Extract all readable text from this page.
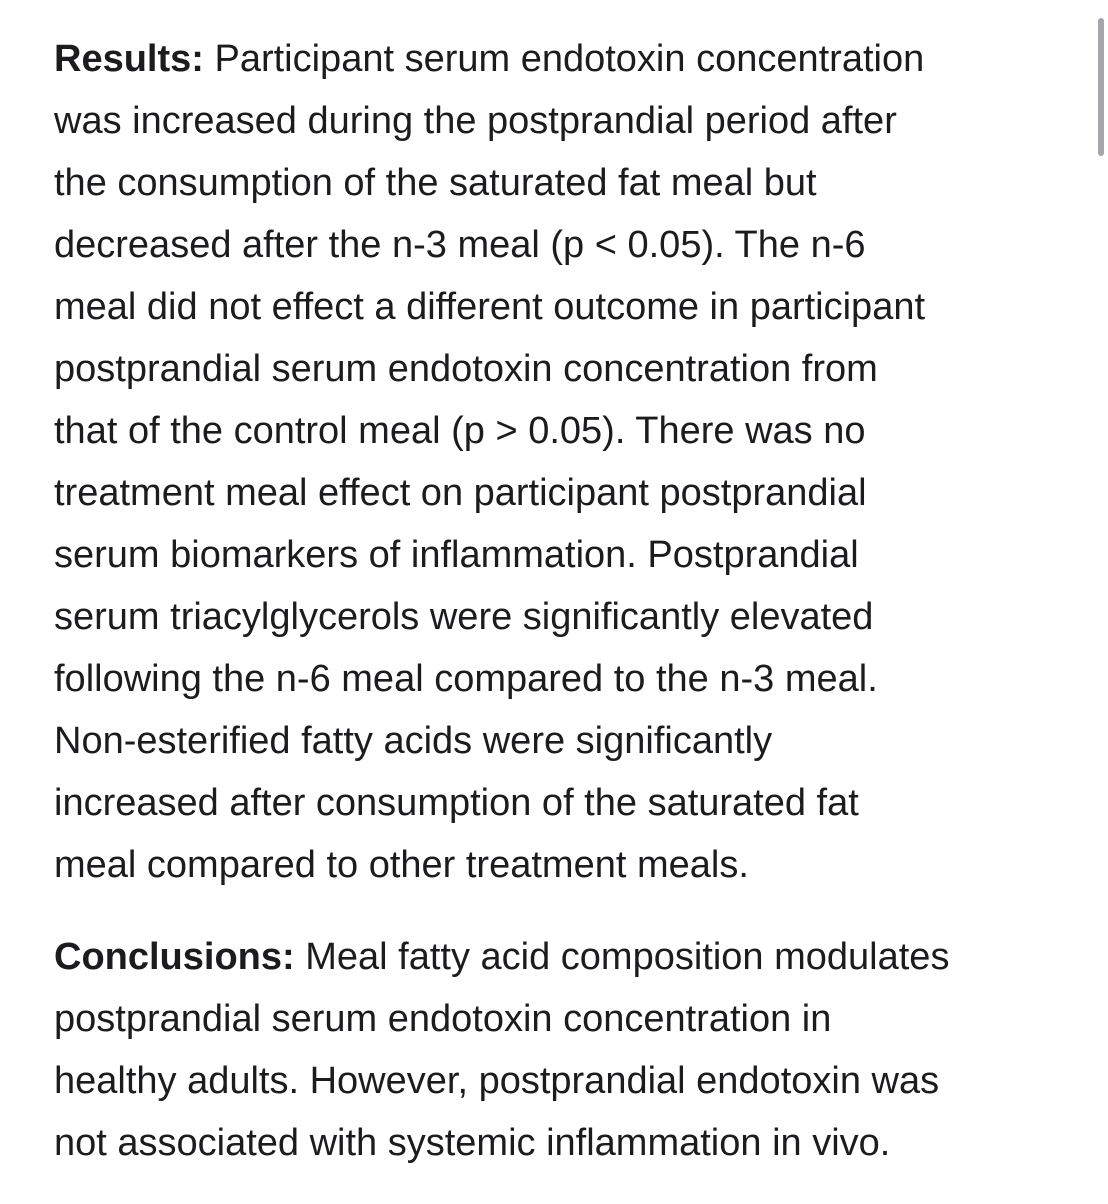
Results: Participant serum endotoxin concentration
was increased during the postprandial period after
the consumption of the saturated fat meal but
decreased after the n-3 meal (p < 0.05). The n-6
meal did not effect a different outcome in participant
postprandial serum endotoxin concentration from
that of the control meal (p > 0.05). There was no
treatment meal effect on participant postprandial
serum biomarkers of inflammation. Postprandial
serum triacylglycerols were significantly elevated
following the n-6 meal compared to the n-3 meal.
Non-esterified fatty acids were significantly
increased after consumption of the saturated fat
meal compared to other treatment meals.

Conclusions: Meal fatty acid composition modulates
postprandial serum endotoxin concentration in
healthy adults. However, postprandial endotoxin was
not associated with systemic inflammation in vivo.
